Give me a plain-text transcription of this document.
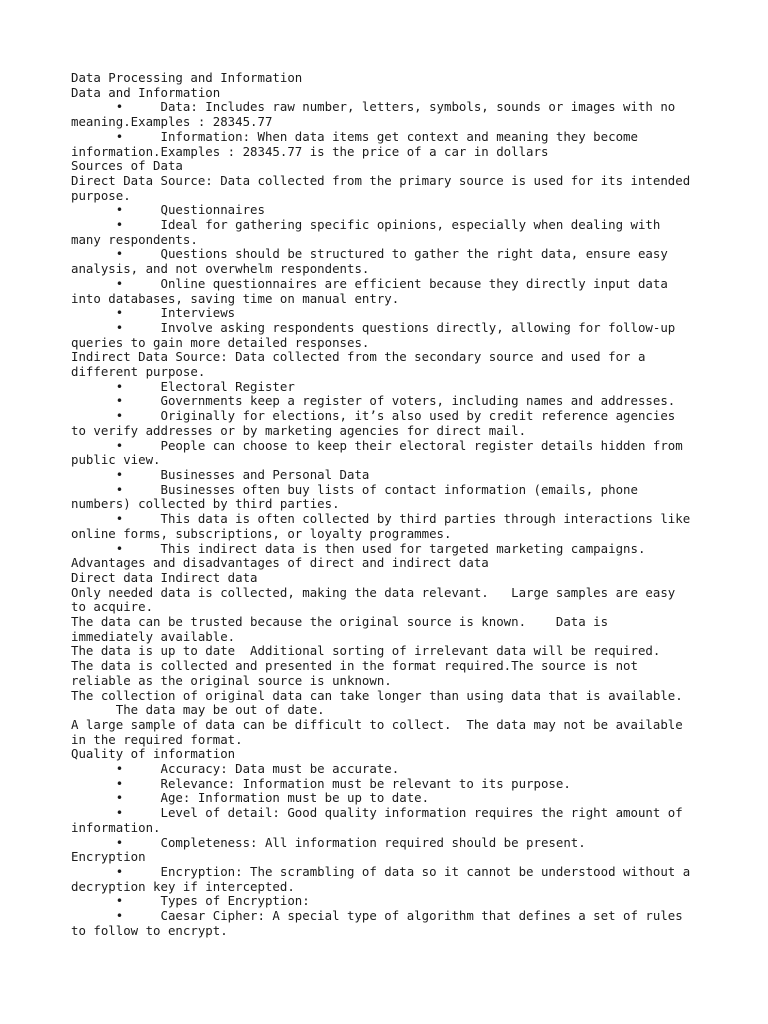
Data Processing and Information
Data and Information
•     Data: Includes raw number, letters, symbols, sounds or images with no
meaning.Examples : 28345.77
•     Information: When data items get context and meaning they become
information.Examples : 28345.77 is the price of a car in dollars
Sources of Data
Direct Data Source: Data collected from the primary source is used for its intended
purpose.
•     Questionnaires
•     Ideal for gathering specific opinions, especially when dealing with
many respondents.
•     Questions should be structured to gather the right data, ensure easy
analysis, and not overwhelm respondents.
•     Online questionnaires are efficient because they directly input data
into databases, saving time on manual entry.
•     Interviews
•     Involve asking respondents questions directly, allowing for follow-up
queries to gain more detailed responses.
Indirect Data Source: Data collected from the secondary source and used for a
different purpose.
•     Electoral Register
•     Governments keep a register of voters, including names and addresses.
•     Originally for elections, it’s also used by credit reference agencies
to verify addresses or by marketing agencies for direct mail.
•     People can choose to keep their electoral register details hidden from
public view.
•     Businesses and Personal Data
•     Businesses often buy lists of contact information (emails, phone
numbers) collected by third parties.
•     This data is often collected by third parties through interactions like
online forms, subscriptions, or loyalty programmes.
•     This indirect data is then used for targeted marketing campaigns.
Advantages and disadvantages of direct and indirect data
Direct data Indirect data
Only needed data is collected, making the data relevant.   Large samples are easy
to acquire.
The data can be trusted because the original source is known.    Data is
immediately available.
The data is up to date  Additional sorting of irrelevant data will be required.
The data is collected and presented in the format required.The source is not
reliable as the original source is unknown.
The collection of original data can take longer than using data that is available.
The data may be out of date.
A large sample of data can be difficult to collect.  The data may not be available
in the required format.
Quality of information
•     Accuracy: Data must be accurate.
•     Relevance: Information must be relevant to its purpose.
•     Age: Information must be up to date.
•     Level of detail: Good quality information requires the right amount of
information.
•     Completeness: All information required should be present.
Encryption
•     Encryption: The scrambling of data so it cannot be understood without a
decryption key if intercepted.
•     Types of Encryption:
•     Caesar Cipher: A special type of algorithm that defines a set of rules
to follow to encrypt.
